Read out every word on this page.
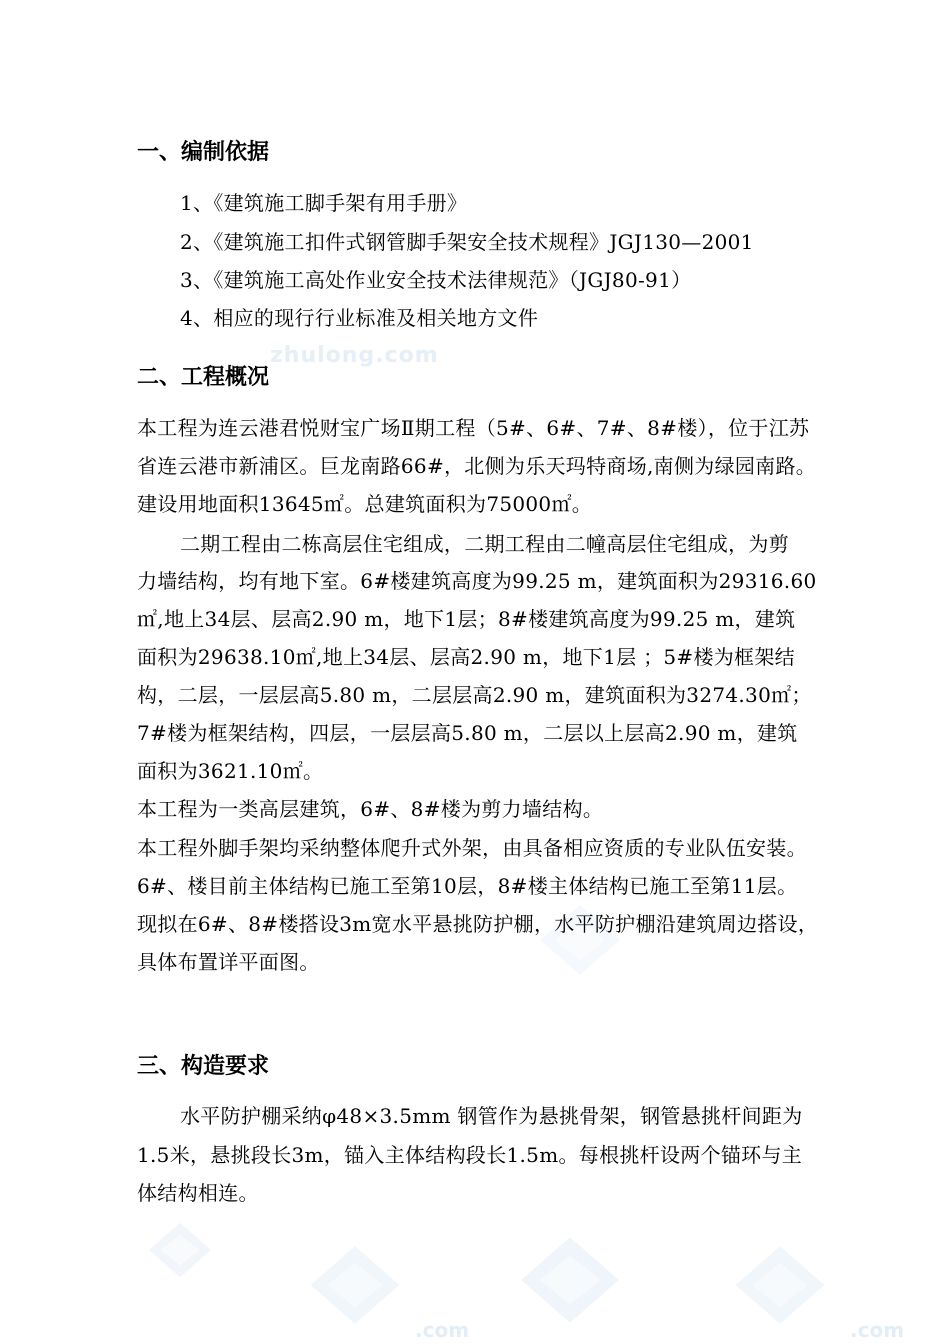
zhulong.com
.com	.com
一、编制依据

1、《建筑施工脚手架有用手册》

2、《建筑施工扣件式钢管脚手架安全技术规程》JGJ130—2001

3、《建筑施工高处作业安全技术法律规范》（JGJ80-91）

4、相应的现行行业标准及相关地方文件

二、工程概况

本工程为连云港君悦财宝广场Ⅱ期工程（5#、6#、7#、8#楼），位于江苏

省连云港市新浦区。巨龙南路66#，北侧为乐天玛特商场,南侧为绿园南路。

建设用地面积13645㎡。总建筑面积为75000㎡。

二期工程由二栋高层住宅组成，二期工程由二幢高层住宅组成，为剪

力墙结构，均有地下室。6#楼建筑高度为99.25 m，建筑面积为29316.60

㎡,地上34层、层高2.90 m，地下1层；8#楼建筑高度为99.25 m，建筑

面积为29638.10㎡,地上34层、层高2.90 m，地下1层 ；5#楼为框架结

构，二层，一层层高5.80 m，二层层高2.90 m，建筑面积为3274.30㎡；

7#楼为框架结构，四层，一层层高5.80 m，二层以上层高2.90 m，建筑

面积为3621.10㎡。

本工程为一类高层建筑，6#、8#楼为剪力墙结构。

本工程外脚手架均采纳整体爬升式外架，由具备相应资质的专业队伍安装。

6#、楼目前主体结构已施工至第10层，8#楼主体结构已施工至第11层。

现拟在6#、8#楼搭设3m宽水平悬挑防护棚，水平防护棚沿建筑周边搭设，

具体布置详平面图。

三、构造要求

水平防护棚采纳φ48×3.5mm 钢管作为悬挑骨架，钢管悬挑杆间距为

1.5米，悬挑段长3m，锚入主体结构段长1.5m。每根挑杆设两个锚环与主

体结构相连。
